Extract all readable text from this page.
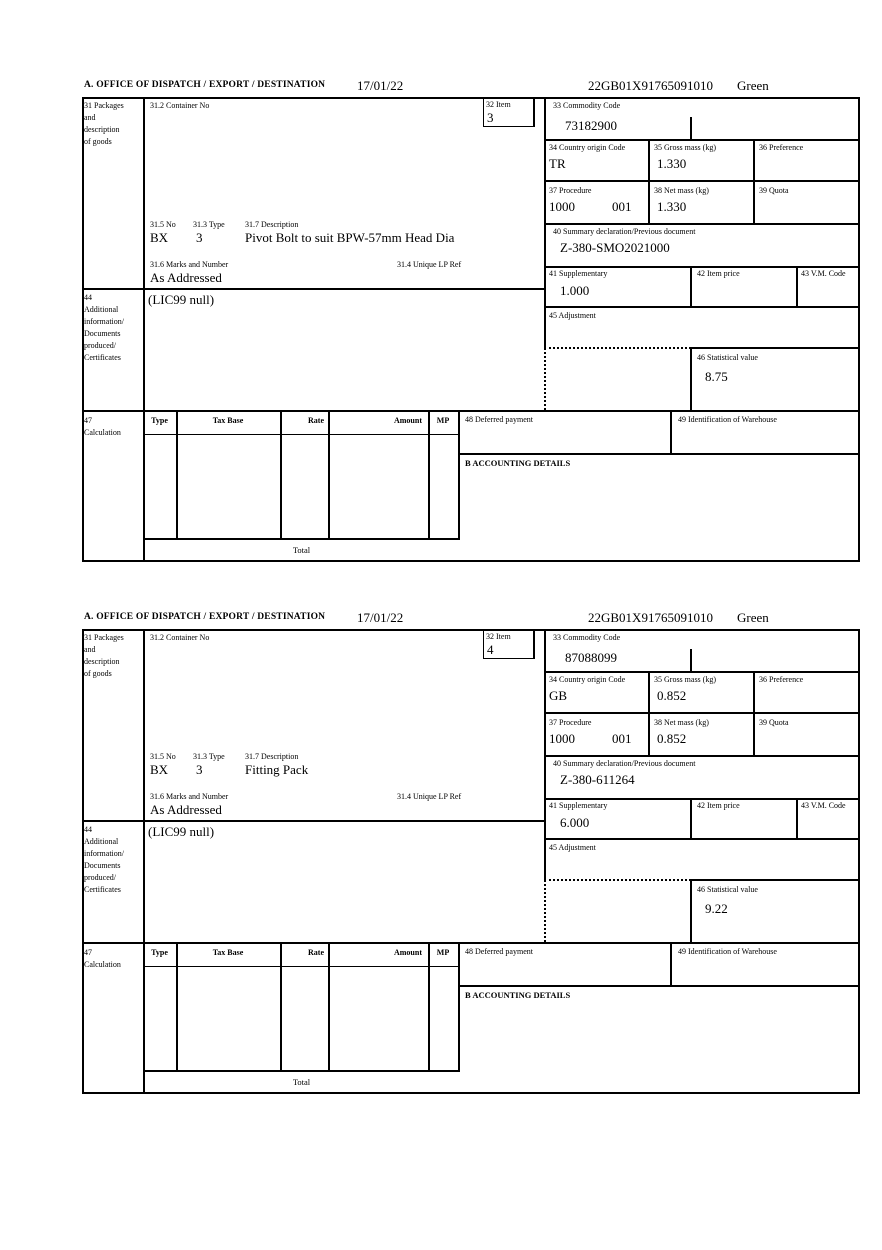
A. OFFICE OF DISPATCH / EXPORT / DESTINATION 17/01/22	22GB01X91765091010 Green
31 Packages
and
description
of goods
44
Additional
information/
Documents
produced/
Certificates
47
Calculation
31.2 Container No	32 Item
3
33 Commodity Code
73182900
34 Country origin Code
TR
35 Gross mass (kg)
1.330
36 Preference
37 Procedure
1000	001
38 Net mass (kg)
1.330
39 Quota
31.5 No 31.3 Type	31.7 Description
BX 3	Pivot Bolt to suit BPW-57mm Head Dia
31.6 Marks and Number	31.4 Unique LP Ref
As Addressed
40 Summary declaration/Previous document
Z-380-SMO2021000
41 Supplementary
1.000
42 Item price	43 V.M. Code
(LIC99 null)
45 Adjustment
46 Statistical value
8.75
Type	Tax Base	Rate	Amount	MP	48 Deferred payment	49 Identification of Warehouse
B ACCOUNTING DETAILS
Total
A. OFFICE OF DISPATCH / EXPORT / DESTINATION 17/01/22	22GB01X91765091010 Green
31 Packages
and
description
of goods
44
Additional
information/
Documents
produced/
Certificates
47
Calculation
31.2 Container No	32 Item
4
33 Commodity Code
87088099
34 Country origin Code
GB
35 Gross mass (kg)
0.852
36 Preference
37 Procedure
1000	001
38 Net mass (kg)
0.852
39 Quota
31.5 No 31.3 Type	31.7 Description
BX 3	Fitting Pack
31.6 Marks and Number	31.4 Unique LP Ref
As Addressed
40 Summary declaration/Previous document
Z-380-611264
41 Supplementary
6.000
42 Item price	43 V.M. Code
(LIC99 null)
45 Adjustment
46 Statistical value
9.22
Type	Tax Base	Rate	Amount	MP	48 Deferred payment	49 Identification of Warehouse
B ACCOUNTING DETAILS
Total
